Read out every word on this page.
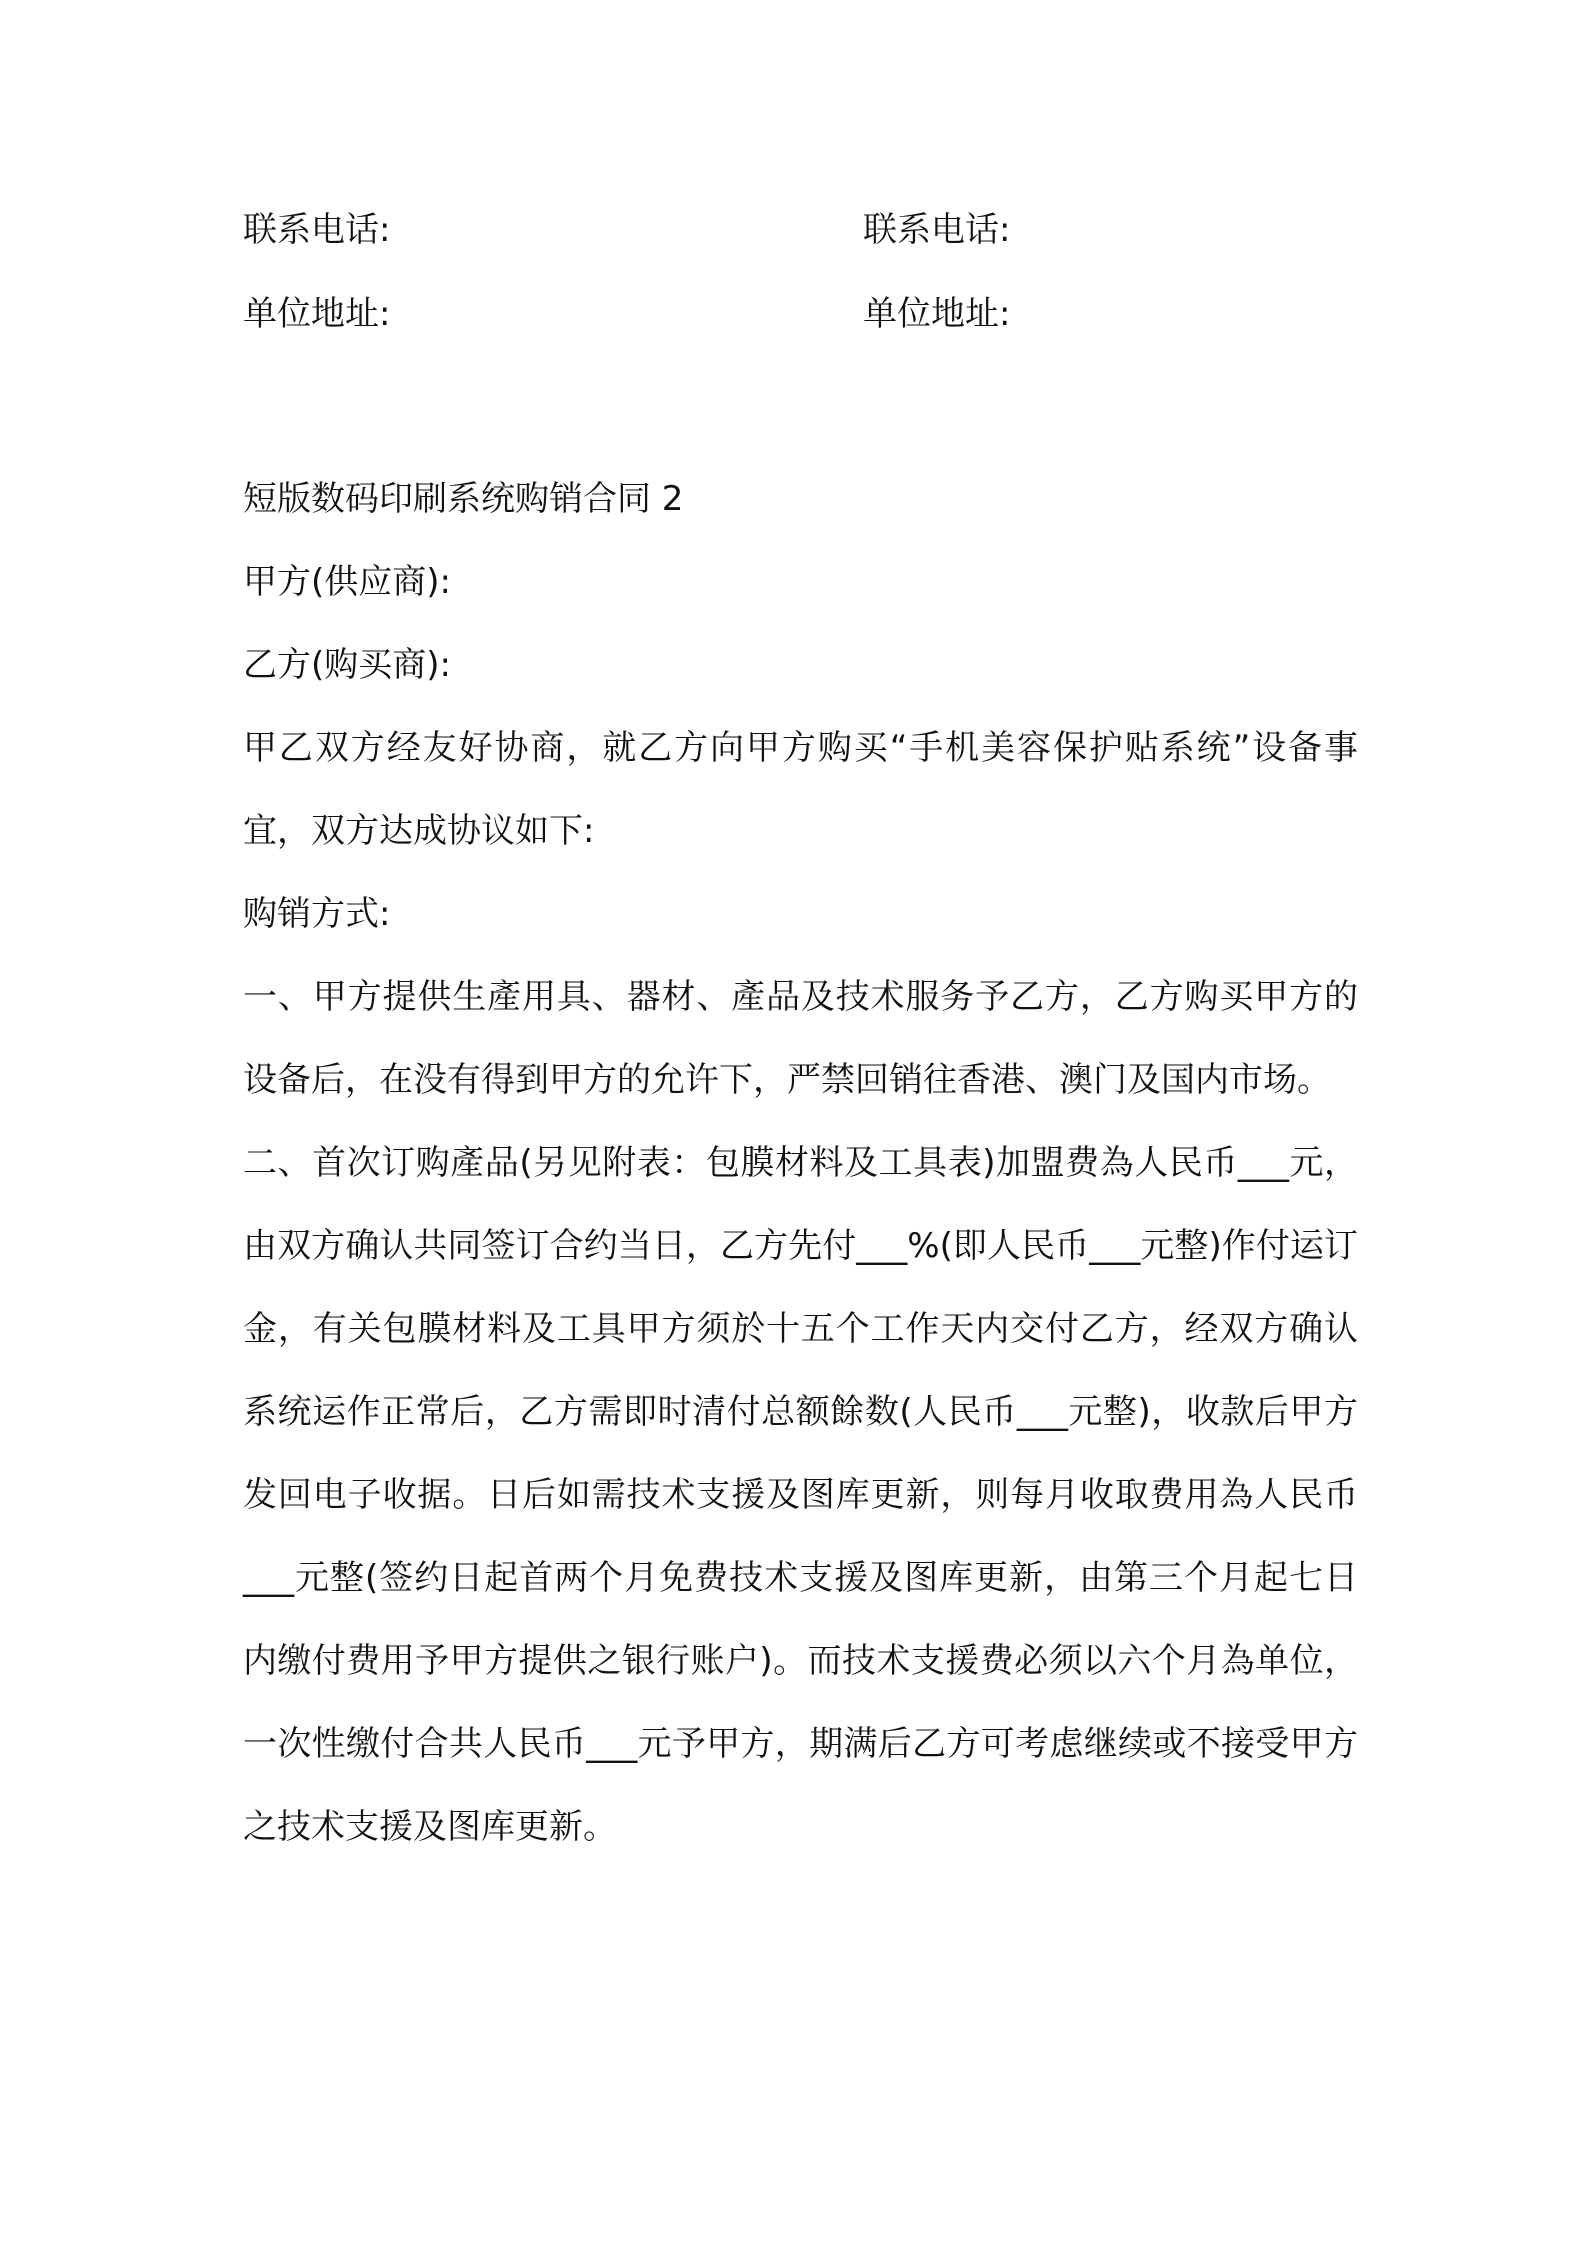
联系电话:	联系电话:
单位地址:	单位地址:

短版数码印刷系统购销合同 2

甲方(供应商):

乙方(购买商):

甲乙双方经友好协商，就乙方向甲方购买“手机美容保护贴系统”设备事宜，双方达成协议如下:

购销方式:

一、甲方提供生產用具、器材、產品及技术服务予乙方，乙方购买甲方的设备后，在没有得到甲方的允许下，严禁回销往香港、澳门及国内市场。

二、首次订购產品(另见附表：包膜材料及工具表)加盟费為人民币___元，由双方确认共同签订合约当日，乙方先付___%(即人民币___元整)作付运订金，有关包膜材料及工具甲方须於十五个工作天内交付乙方，经双方确认系统运作正常后，乙方需即时清付总额餘数(人民币___元整)，收款后甲方发回电子收据。日后如需技术支援及图库更新，则每月收取费用為人民币___元整(签约日起首两个月免费技术支援及图库更新，由第三个月起七日内缴付费用予甲方提供之银行账户)。而技术支援费必须以六个月為单位，一次性缴付合共人民币___元予甲方，期满后乙方可考虑继续或不接受甲方之技术支援及图库更新。
